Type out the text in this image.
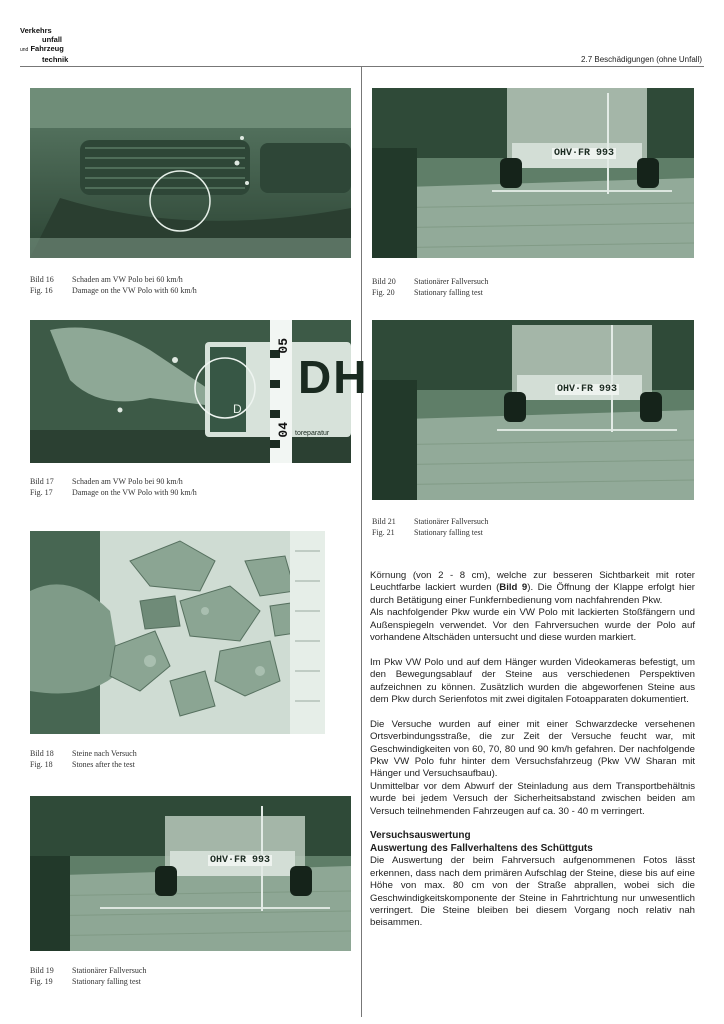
Verkehrs
unfall
und Fahrzeug
technik	2.7 Beschädigungen (ohne Unfall)
Bild 16	Schaden am VW Polo bei 60 km/h
Fig. 16	Damage on the VW Polo with 60 km/h
DH
D
05
04 toreparatur
Bild 17	Schaden am VW Polo bei 90 km/h
Fig. 17	Damage on the VW Polo with 90 km/h
Bild 18	Steine nach Versuch
Fig. 18	Stones after the test
OHV·FR 993
Bild 19	Stationärer Fallversuch
Fig. 19	Stationary falling test
OHV·FR 993
Bild 20	Stationärer Fallversuch
Fig. 20	Stationary falling test
OHV·FR 993
Bild 21	Stationärer Fallversuch
Fig. 21	Stationary falling test

Körnung (von 2 - 8 cm), welche zur besseren Sichtbarkeit mit roter Leuchtfarbe lackiert wurden (Bild 9). Die Öffnung der Klappe erfolgt hier durch Betätigung einer Funkfernbedienung vom nachfahrenden Pkw.
Als nachfolgender Pkw wurde ein VW Polo mit lackierten Stoßfängern und Außenspiegeln verwendet. Vor den Fahrversuchen wurde der Polo auf vorhandene Altschäden untersucht und diese wurden markiert.

Im Pkw VW Polo und auf dem Hänger wurden Videokameras befestigt, um den Bewegungsablauf der Steine aus verschiedenen Perspektiven aufzeichnen zu können. Zusätzlich wurden die abgeworfenen Steine aus dem Pkw durch Serienfotos mit zwei digitalen Fotoapparaten dokumentiert.

Die Versuche wurden auf einer mit einer Schwarzdecke versehenen Ortsverbindungsstraße, die zur Zeit der Versuche feucht war, mit Geschwindigkeiten von 60, 70, 80 und 90 km/h gefahren. Der nachfolgende Pkw VW Polo fuhr hinter dem Versuchsfahrzeug (Pkw VW Sharan mit Hänger und Versuchsaufbau).
Unmittelbar vor dem Abwurf der Steinladung aus dem Transportbehältnis wurde bei jedem Versuch der Sicherheitsabstand zwischen beiden am Versuch teilnehmenden Fahrzeugen auf ca. 30 - 40 m verringert.

Versuchsauswertung
Auswertung des Fallverhaltens des Schüttguts
Die Auswertung der beim Fahrversuch aufgenommenen Fotos lässt erkennen, dass nach dem primären Aufschlag der Steine, diese bis auf eine Höhe von max. 80 cm von der Straße abprallen, wobei sich die Geschwindigkeitskomponente der Steine in Fahrtrichtung nur unwesentlich verringert. Die Steine bleiben bei diesem Vorgang noch relativ nah beisammen.
